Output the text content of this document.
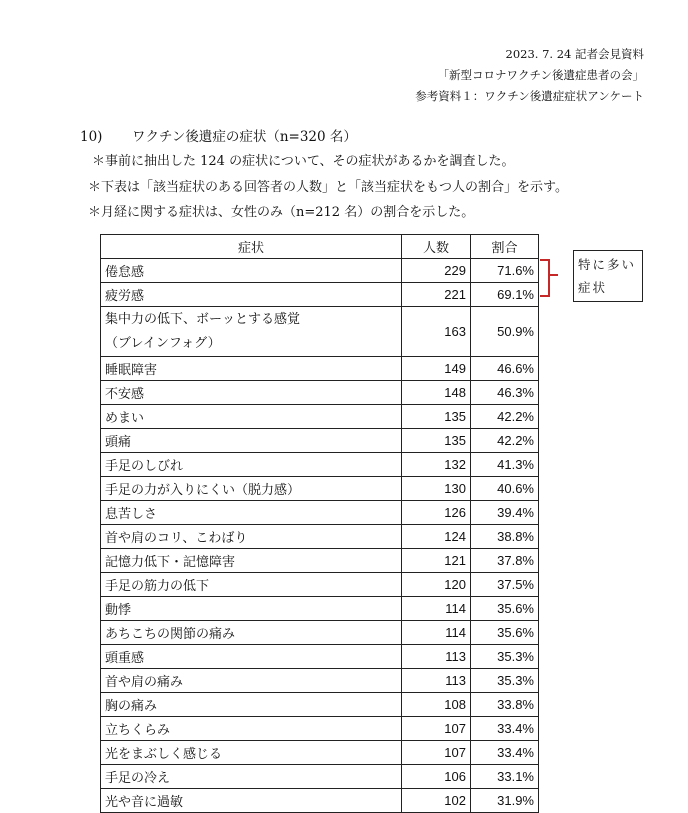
2023. 7. 24 記者会見資料
「新型コロナワクチン後遺症患者の会」
参考資料１：ワクチン後遺症症状アンケート
10) ワクチン後遺症の症状（n=320 名）
＊事前に抽出した 124 の症状について、その症状があるかを調査した。
＊下表は「該当症状のある回答者の人数」と「該当症状をもつ人の割合」を示す。
＊月経に関する症状は、女性のみ（n=212 名）の割合を示した。
症状	人数	割合
倦怠感	229	71.6%
疲労感	221	69.1%

集中力の低下、ボーッとする感覚
（ブレインフォグ）	163	50.9%
睡眠障害	149	46.6%
不安感	148	46.3%
めまい	135	42.2%
頭痛	135	42.2%
手足のしびれ	132	41.3%
手足の力が入りにくい（脱力感）	130	40.6%
息苦しさ	126	39.4%
首や肩のコリ、こわばり	124	38.8%
記憶力低下・記憶障害	121	37.8%
手足の筋力の低下	120	37.5%
動悸	114	35.6%
あちこちの関節の痛み	114	35.6%
頭重感	113	35.3%
首や肩の痛み	113	35.3%
胸の痛み	108	33.8%
立ちくらみ	107	33.4%
光をまぶしく感じる	107	33.4%
手足の冷え	106	33.1%
光や音に過敏	102	31.9%
特に多い
症状
